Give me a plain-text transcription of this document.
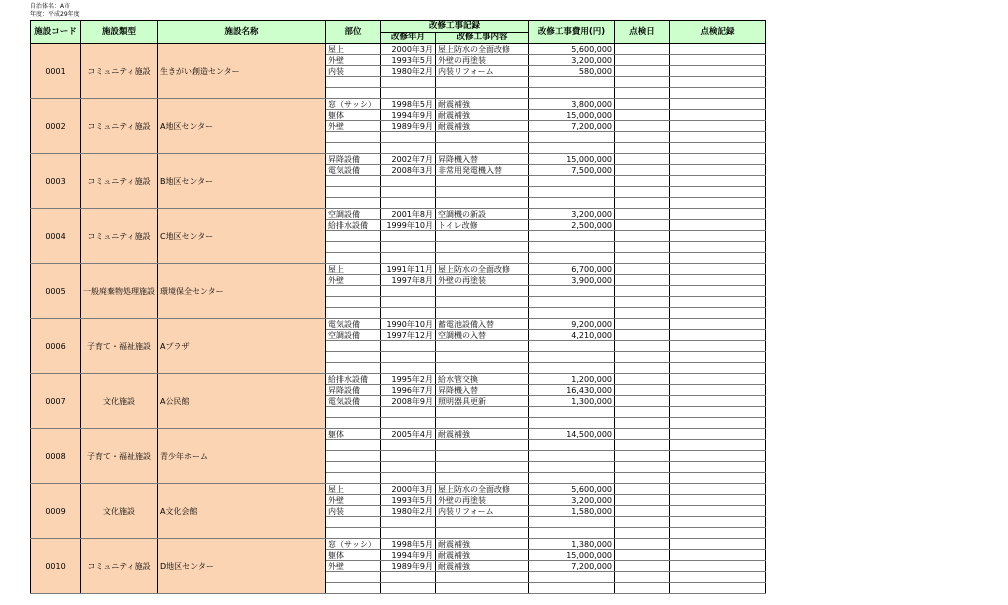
自治体名：A市
年度：平成29年度
施設コード	施設類型	施設名称	部位	改修工事記録		改修工事費用(円)	点検日	点検記録
				改修年月	改修工事内容			
0001	コミュニティ施設	生きがい創造センター	屋上	2000年3月	屋上防水の全面改修	5,600,000		
			外壁	1993年5月	外壁の再塗装	3,200,000		
			内装	1980年2月	内装リフォーム	580,000		

0002	コミュニティ施設	A地区センター	窓（サッシ）	1998年5月	耐震補強	3,800,000		
			躯体	1994年9月	耐震補強	15,000,000		
			外壁	1989年9月	耐震補強	7,200,000		

0003	コミュニティ施設	B地区センター	昇降設備	2002年7月	昇降機入替	15,000,000		
			電気設備	2008年3月	非常用発電機入替	7,500,000		

0004	コミュニティ施設	C地区センター	空調設備	2001年8月	空調機の新設	3,200,000		
			給排水設備	1999年10月	トイレ改修	2,500,000		

0005	一般廃棄物処理施設	環境保全センター	屋上	1991年11月	屋上防水の全面改修	6,700,000		
			外壁	1997年8月	外壁の再塗装	3,900,000		

0006	子育て・福祉施設	Aプラザ	電気設備	1990年10月	蓄電池設備入替	9,200,000		
			空調設備	1997年12月	空調機の入替	4,210,000		

0007	文化施設	A公民館	給排水設備	1995年2月	給水管交換	1,200,000		
			昇降設備	1996年7月	昇降機入替	16,430,000		
			電気設備	2008年9月	照明器具更新	1,300,000		

0008	子育て・福祉施設	青少年ホーム	躯体	2005年4月	耐震補強	14,500,000		

0009	文化施設	A文化会館	屋上	2000年3月	屋上防水の全面改修	5,600,000		
			外壁	1993年5月	外壁の再塗装	3,200,000		
			内装	1980年2月	内装リフォーム	1,580,000		

0010	コミュニティ施設	D地区センター	窓（サッシ）	1998年5月	耐震補強	1,380,000		
			躯体	1994年9月	耐震補強	15,000,000		
			外壁	1989年9月	耐震補強	7,200,000		
